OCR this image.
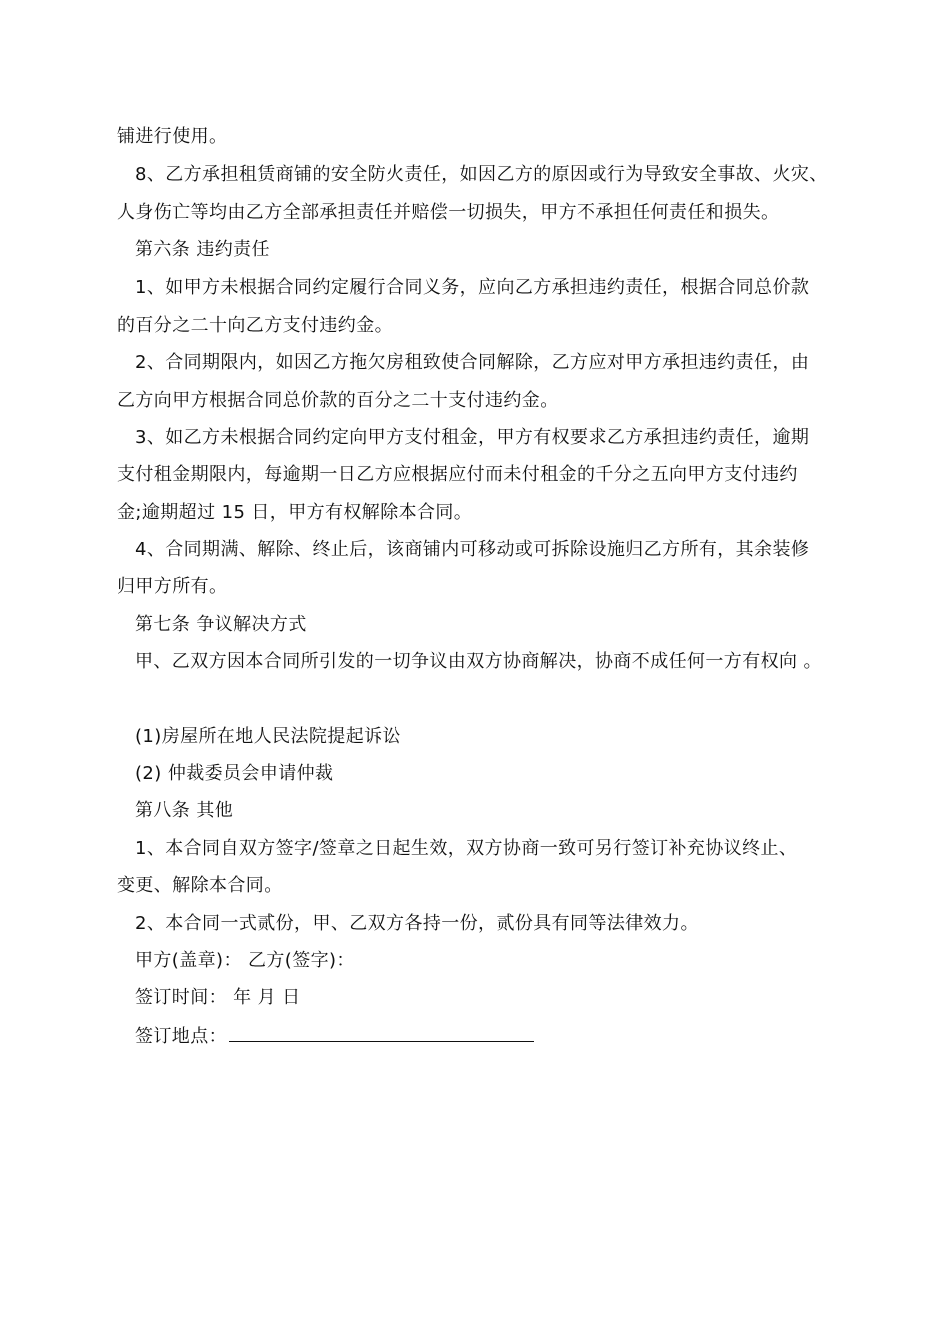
铺进行使用。
8、乙方承担租赁商铺的安全防火责任，如因乙方的原因或行为导致安全事故、火灾、
人身伤亡等均由乙方全部承担责任并赔偿一切损失，甲方不承担任何责任和损失。
第六条 违约责任
1、如甲方未根据合同约定履行合同义务，应向乙方承担违约责任，根据合同总价款
的百分之二十向乙方支付违约金。
2、合同期限内，如因乙方拖欠房租致使合同解除，乙方应对甲方承担违约责任，由
乙方向甲方根据合同总价款的百分之二十支付违约金。
3、如乙方未根据合同约定向甲方支付租金，甲方有权要求乙方承担违约责任，逾期
支付租金期限内，每逾期一日乙方应根据应付而未付租金的千分之五向甲方支付违约
金;逾期超过 15 日，甲方有权解除本合同。
4、合同期满、解除、终止后，该商铺内可移动或可拆除设施归乙方所有，其余装修
归甲方所有。
第七条 争议解决方式
甲、乙双方因本合同所引发的一切争议由双方协商解决，协商不成任何一方有权向 。
(1)房屋所在地人民法院提起诉讼
(2) 仲裁委员会申请仲裁
第八条 其他
1、本合同自双方签字/签章之日起生效，双方协商一致可另行签订补充协议终止、
变更、解除本合同。
2、本合同一式贰份，甲、乙双方各持一份，贰份具有同等法律效力。
甲方(盖章)： 乙方(签字)：
签订时间： 年 月 日
签订地点：
